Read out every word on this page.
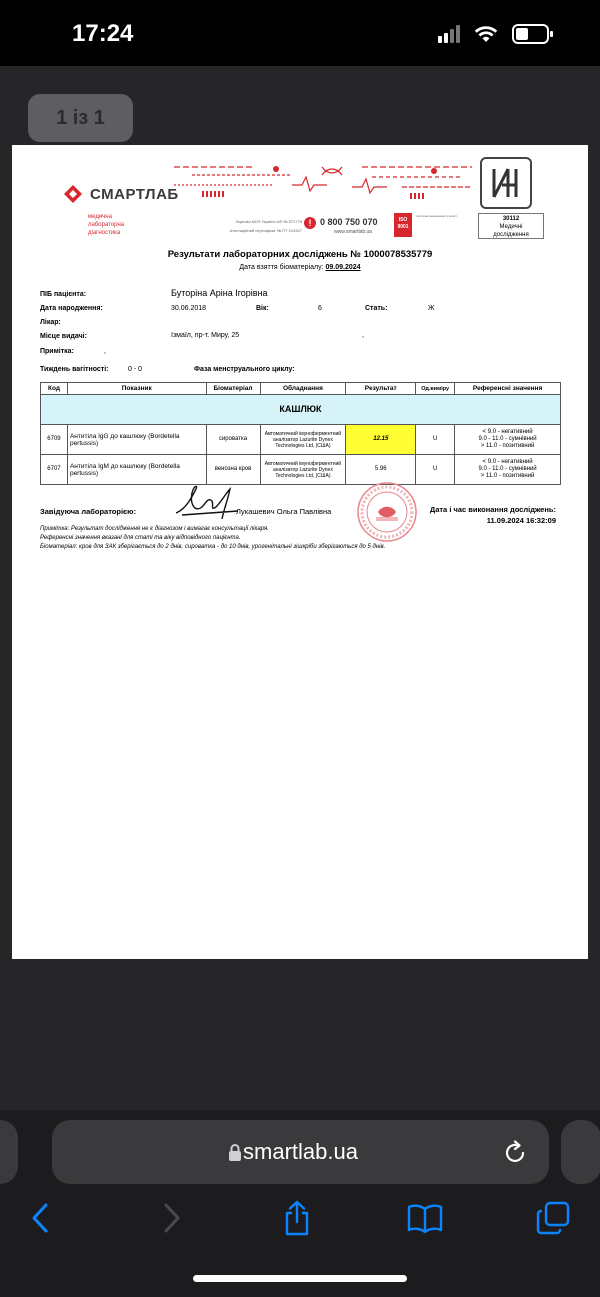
17:24
1 із 1
СМАРТЛАБ
медична
лабораторна
діагностика
Ліцензія МОЗ України АЕ № 571778
Атестаційний сертифікат № ПТ 014327
! 0 800 750 070
www.smartlab.ua
ISO 9001
Система менеджменту якості	30112
Медичні
дослідження
Результати лабораторних досліджень № 1000078535779
Дата взяття біоматеріалу: 09.09.2024
ПІБ пацієнта:	Буторіна Аріна Ігорівна
Дата народження:	30.06.2018	Вік:	6	Стать:	Ж
Лікар:
Місце видачі:	Ізмаїл, пр-т. Миру, 25	,
Примітка:	,
Тиждень вагітності:	0 - 0	Фаза менструального циклу:
Код	Показник	Біоматеріал	Обладнання	Результат	Од.виміру	Референсні значення
КАШЛЮК						
6709	Антитіла IgG до кашлюку (Bordetella pertussis)	сироватка	Автоматичний імуноферментний аналізатор Lazurite Dynex Technologies Ltd, (США)	12.15	U	< 9.0 - негативний
9.0 - 11.0 - сумнівний
> 11.0 - позитивний

6707	Антитіла IgM до кашлюку (Bordetella pertussis)	венозна кров	Автоматичний імуноферментний аналізатор Lazurite Dynex Technologies Ltd, (США)	5.96	U	< 9.0 - негативний
9.0 - 11.0 - сумнівний
> 11.0 - позитивний
Завідуюча лабораторією:	Лукашевич Ольга Павлівна	Дата і час виконання досліджень:
11.09.2024 16:32:09
Примітка: Результат дослідження не є діагнозом і вимагає консультації лікаря.
Референсні значення вказані для статі та віку відповідного пацієнта.
Біоматеріал: кров для ЗАК зберігається до 2 днів, сироватка - до 10 днів, урогенітальні зішкріби зберігаються до 5 днів.
smartlab.ua
